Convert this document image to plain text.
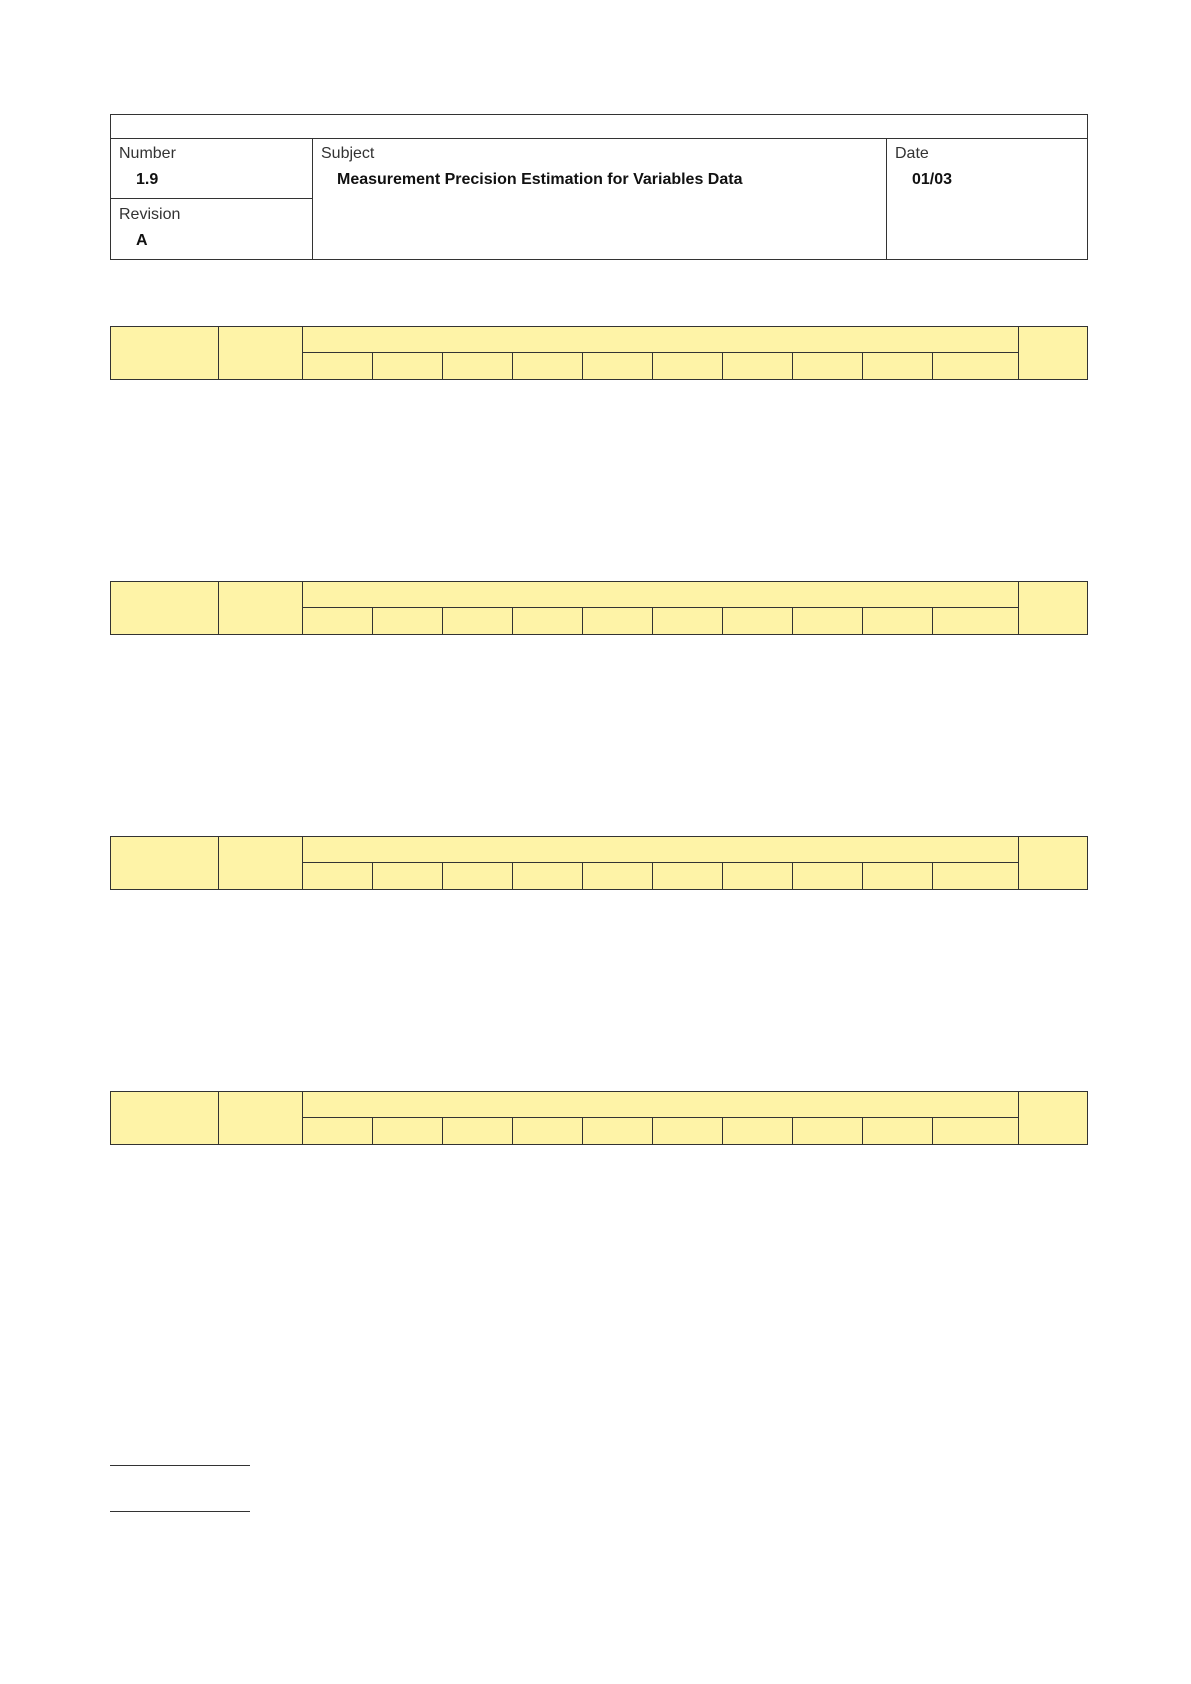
Number
1.9
Revision
A
Subject
Measurement Precision Estimation for Variables Data
Date
01/03
